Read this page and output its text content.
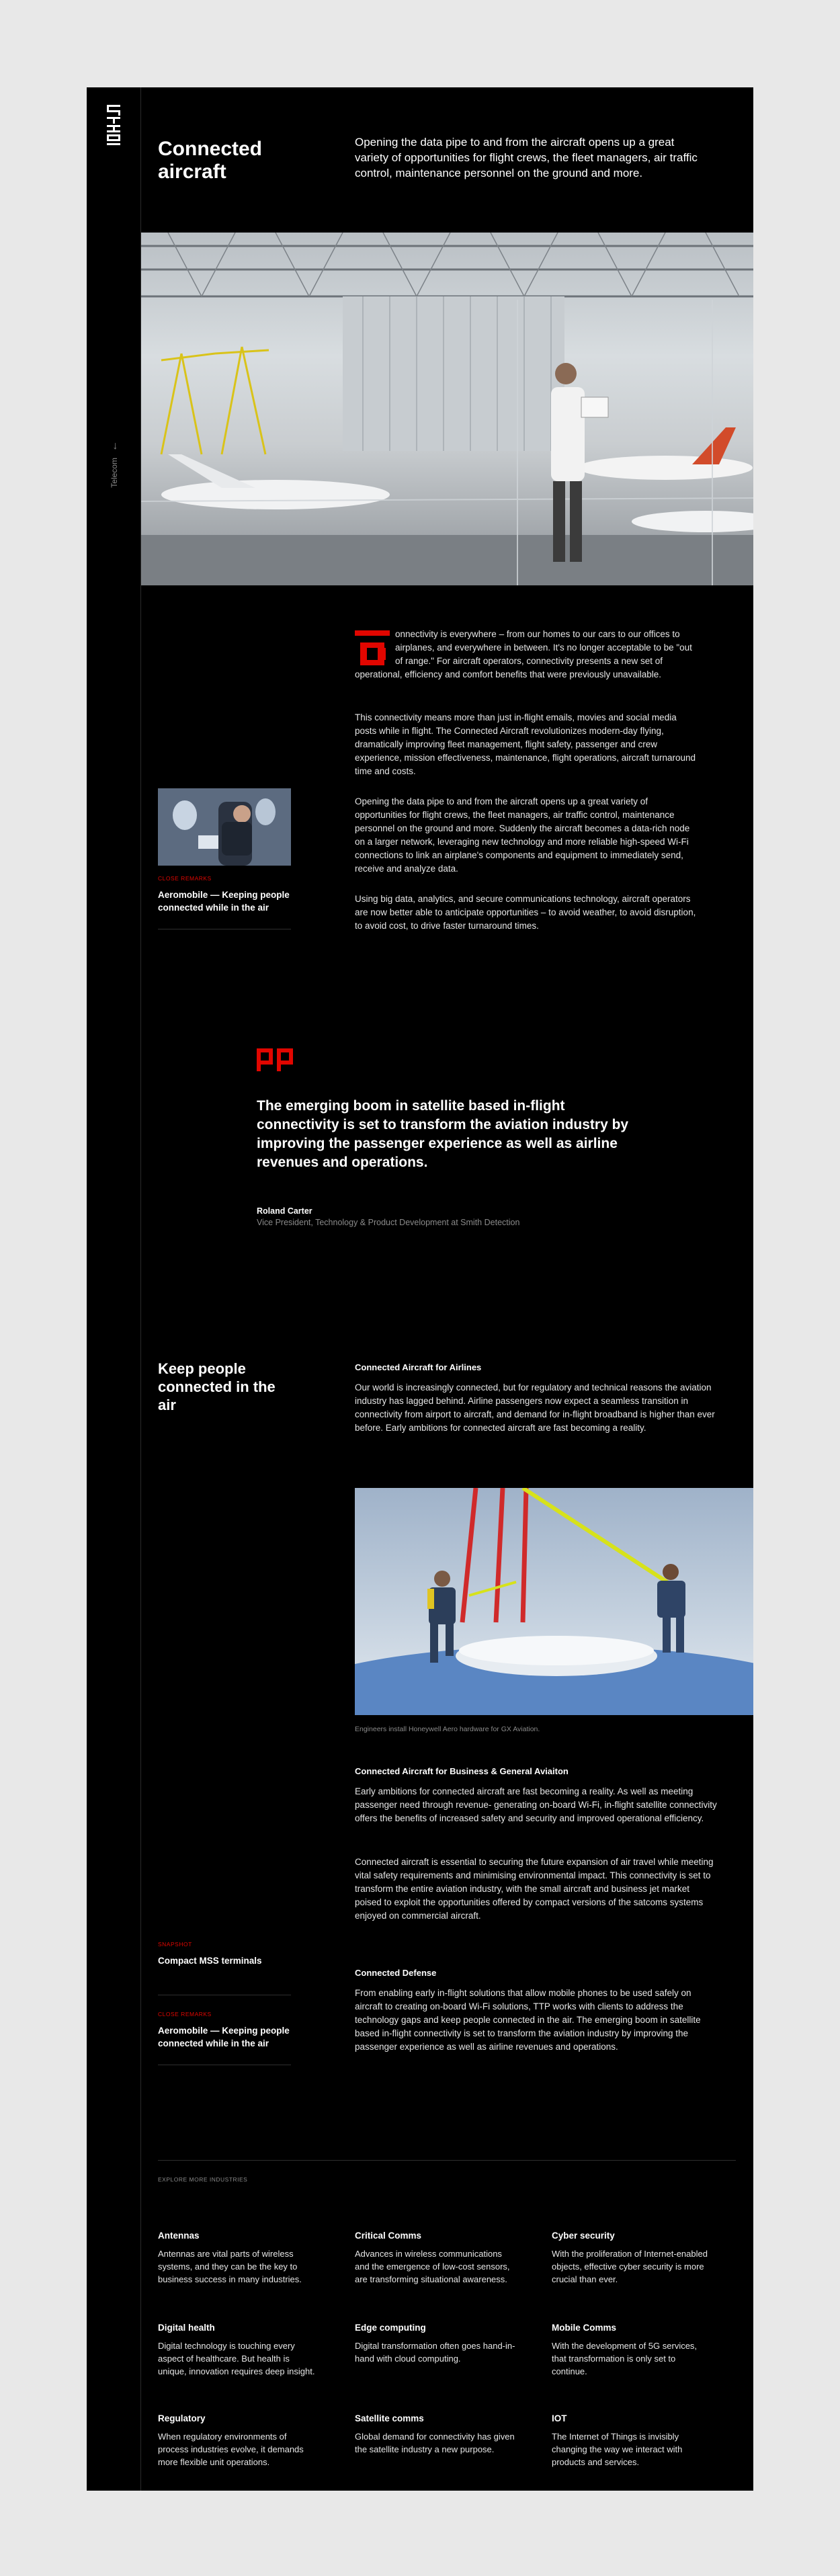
←
Telecom
Connected aircraft
Opening the data pipe to and from the aircraft opens up a great variety of opportunities for flight crews, the fleet managers, air traffic control, maintenance personnel on the ground and more.
onnectivity is everywhere – from our homes to our cars to our offices to airplanes, and everywhere in between. It's no longer acceptable to be "out of range." For aircraft operators, connectivity presents a new set of operational, efficiency and comfort benefits that were previously unavailable.
This connectivity means more than just in-flight emails, movies and social media posts while in flight. The Connected Aircraft revolutionizes modern-day flying, dramatically improving fleet management, flight safety, passenger and crew experience, mission effectiveness, maintenance, flight operations, aircraft turnaround time and costs.
Opening the data pipe to and from the aircraft opens up a great variety of opportunities for flight crews, the fleet managers, air traffic control, maintenance personnel on the ground and more. Suddenly the aircraft becomes a data-rich node on a larger network, leveraging new technology and more reliable high-speed Wi-Fi connections to link an airplane's components and equipment to immediately send, receive and analyze data.
Using big data, analytics, and secure communications technology, aircraft operators are now better able to anticipate opportunities – to avoid weather, to avoid disruption, to avoid cost, to drive faster turnaround times.
CLOSE REMARKS
Aeromobile — Keeping people connected while in the air
The emerging boom in satellite based in-flight connectivity is set to transform the aviation industry by improving the passenger experience as well as airline revenues and operations.
Roland Carter
Vice President, Technology & Product Development at Smith Detection
Keep people connected in the air
Connected Aircraft for Airlines
Our world is increasingly connected, but for regulatory and technical reasons the aviation industry has lagged behind. Airline passengers now expect a seamless transition in connectivity from airport to aircraft, and demand for in-flight broadband is higher than ever before. Early ambitions for connected aircraft are fast becoming a reality.
Engineers install Honeywell Aero hardware for GX Aviation.
Connected Aircraft for Business & General Aviaiton
Early ambitions for connected aircraft are fast becoming a reality. As well as meeting passenger need through revenue- generating on-board Wi-Fi, in-flight satellite connectivity offers the benefits of increased safety and security and improved operational efficiency.
Connected aircraft is essential to securing the future expansion of air travel while meeting vital safety requirements and minimising environmental impact. This connectivity is set to transform the entire aviation industry, with the small aircraft and business jet market poised to exploit the opportunities offered by compact versions of the satcoms systems enjoyed on commercial aircraft.
SNAPSHOT
Compact MSS terminals
Connected Defense
From enabling early in-flight solutions that allow mobile phones to be used safely on aircraft to creating on-board Wi-Fi solutions, TTP works with clients to address the technology gaps and keep people connected in the air. The emerging boom in satellite based in-flight connectivity is set to transform the aviation industry by improving the passenger experience as well as airline revenues and operations.
CLOSE REMARKS
Aeromobile — Keeping people connected while in the air
EXPLORE MORE INDUSTRIES
Antennas
Antennas are vital parts of wireless systems, and they can be the key to business success in many industries.
Critical Comms
Advances in wireless communications and the emergence of low-cost sensors, are transforming situational awareness.
Cyber security
With the proliferation of Internet-enabled objects, effective cyber security is more crucial than ever.
Digital health
Digital technology is touching every aspect of healthcare. But health is unique, innovation requires deep insight.
Edge computing
Digital transformation often goes hand-in-hand with cloud computing.
Mobile Comms
With the development of 5G services, that transformation is only set to continue.
Regulatory
When regulatory environments of process industries evolve, it demands more flexible unit operations.
Satellite comms
Global demand for connectivity has given the satellite industry a new purpose.
IOT
The Internet of Things is invisibly changing the way we interact with products and services.
